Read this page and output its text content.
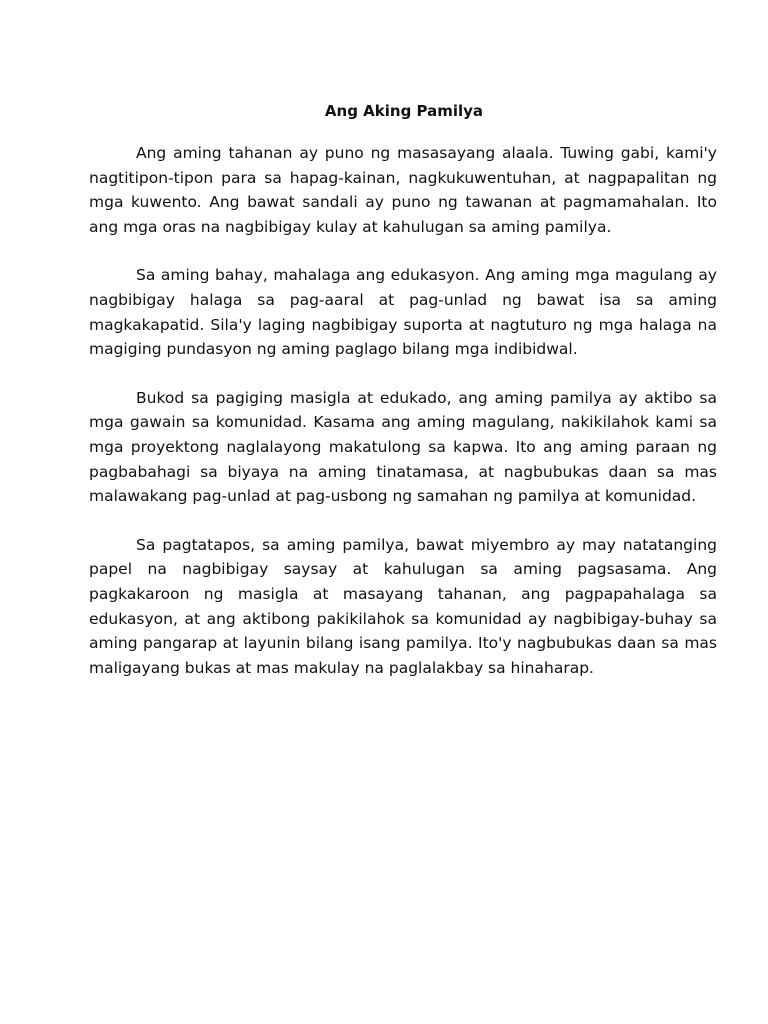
Ang Aking Pamilya

Ang aming tahanan ay puno ng masasayang alaala. Tuwing gabi, kami'y nagtitipon-tipon para sa hapag-kainan, nagkukuwentuhan, at nagpapalitan ng mga kuwento. Ang bawat sandali ay puno ng tawanan at pagmamahalan. Ito ang mga oras na nagbibigay kulay at kahulugan sa aming pamilya.

Sa aming bahay, mahalaga ang edukasyon. Ang aming mga magulang ay nagbibigay halaga sa pag-aaral at pag-unlad ng bawat isa sa aming magkakapatid. Sila'y laging nagbibigay suporta at nagtuturo ng mga halaga na magiging pundasyon ng aming paglago bilang mga indibidwal.

Bukod sa pagiging masigla at edukado, ang aming pamilya ay aktibo sa mga gawain sa komunidad. Kasama ang aming magulang, nakikilahok kami sa mga proyektong naglalayong makatulong sa kapwa. Ito ang aming paraan ng pagbabahagi sa biyaya na aming tinatamasa, at nagbubukas daan sa mas malawakang pag-unlad at pag-usbong ng samahan ng pamilya at komunidad.

Sa pagtatapos, sa aming pamilya, bawat miyembro ay may natatanging papel na nagbibigay saysay at kahulugan sa aming pagsasama. Ang pagkakaroon ng masigla at masayang tahanan, ang pagpapahalaga sa edukasyon, at ang aktibong pakikilahok sa komunidad ay nagbibigay-buhay sa aming pangarap at layunin bilang isang pamilya. Ito'y nagbubukas daan sa mas maligayang bukas at mas makulay na paglalakbay sa hinaharap.
